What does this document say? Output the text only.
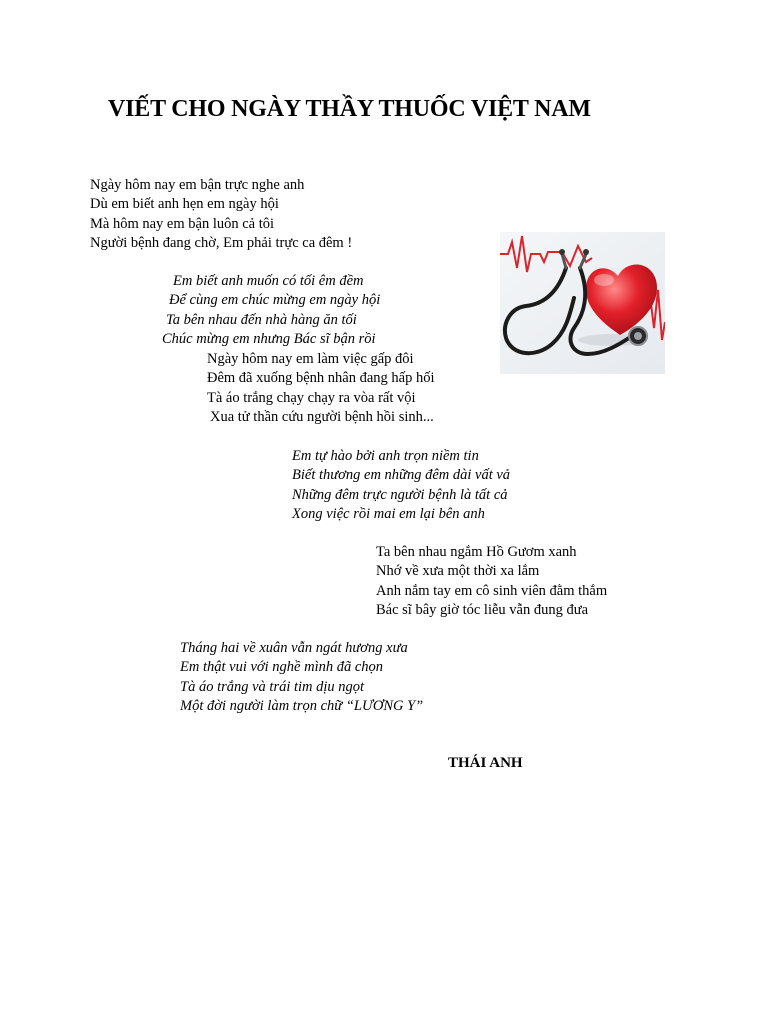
VIẾT CHO NGÀY THẦY THUỐC VIỆT NAM
Ngày hôm nay em bận trực nghe anh
Dù em biết anh hẹn em ngày hội
Mà hôm nay em bận luôn cả tôi
Người bệnh đang chờ, Em phải trực ca đêm !
Em biết anh muốn có tối êm đềm
Để cùng em chúc mừng em ngày hội
Ta bên nhau đến nhà hàng ăn tối
Chúc mừng em nhưng Bác sĩ bận rồi
Ngày hôm nay em làm việc gấp đôi
Đêm đã xuống bệnh nhân đang hấp hối
Tà áo trắng chạy chạy ra vòa rất vội
Xua tử thần cứu người bệnh hồi sinh...
Em tự hào bởi anh trọn niềm tin
Biết thương em những đêm dài vất vả
Những đêm trực người bệnh là tất cả
Xong việc rồi mai em lại bên anh
Ta bên nhau ngắm Hồ Gươm xanh
Nhớ về xưa một thời xa lắm
Anh nắm tay em cô sinh viên đằm thắm
Bác sĩ bây giờ tóc liễu vẫn đung đưa
Tháng hai về xuân vẫn ngát hương xưa
Em thật vui với nghề mình đã chọn
Tà áo trắng và trái tim dịu ngọt
Một đời người làm trọn chữ “LƯƠNG Y”
THÁI ANH
